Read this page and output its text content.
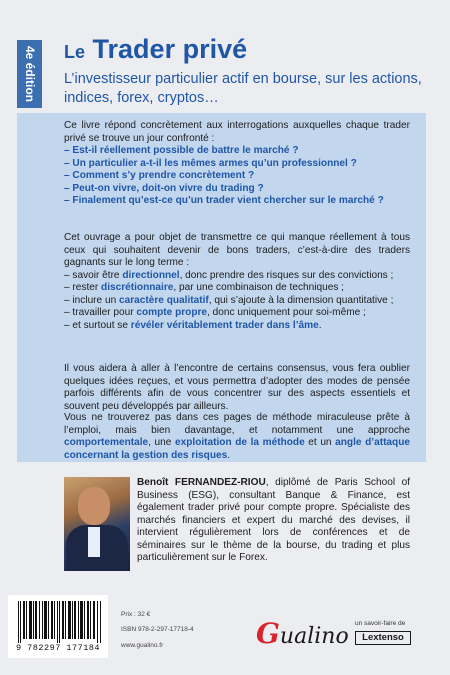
4e édition Le Trader privé
L’investisseur particulier actif en bourse, sur les actions, indices, forex, cryptos…

Ce livre répond concrètement aux interrogations auxquelles chaque trader privé se trouve un jour confronté :

– Est-il réellement possible de battre le marché ?
– Un particulier a-t-il les mêmes armes qu’un professionnel ?
– Comment s’y prendre concrètement ?
– Peut-on vivre, doit-on vivre du trading ?
– Finalement qu’est-ce qu’un trader vient chercher sur le marché ?

Cet ouvrage a pour objet de transmettre ce qui manque réellement à tous ceux qui souhaitent devenir de bons traders, c’est-à-dire des traders gagnants sur le long terme :

– savoir être directionnel, donc prendre des risques sur des convictions ;
– rester discrétionnaire, par une combinaison de techniques ;
– inclure un caractère qualitatif, qui s’ajoute à la dimension quantitative ;
– travailler pour compte propre, donc uniquement pour soi-même ;
– et surtout se révéler véritablement trader dans l’âme.
Il vous aidera à aller à l’encontre de certains consensus, vous fera oublier quelques idées reçues, et vous permettra d’adopter des modes de pensée parfois différents afin de vous concentrer sur des aspects essentiels et souvent peu développés par ailleurs.
Vous ne trouverez pas dans ces pages de méthode miraculeuse prête à l’emploi, mais bien davantage, et notamment une approche comportementale, une exploitation de la méthode et un angle d’attaque concernant la gestion des risques.

Benoît FERNANDEZ-RIOU, diplômé de Paris School of Business (ESG), consultant Banque & Finance, est également trader privé pour compte propre. Spécialiste des marchés financiers et expert du marché des devises, il intervient régulièrement lors de conférences et de séminaires sur le thème de la bourse, du trading et plus particulièrement sur le Forex.

9 782297 177184
Prix : 32 €
ISBN 978-2-297-17718-4
www.gualino.fr	Gualino
un savoir-faire de
Lextenso
